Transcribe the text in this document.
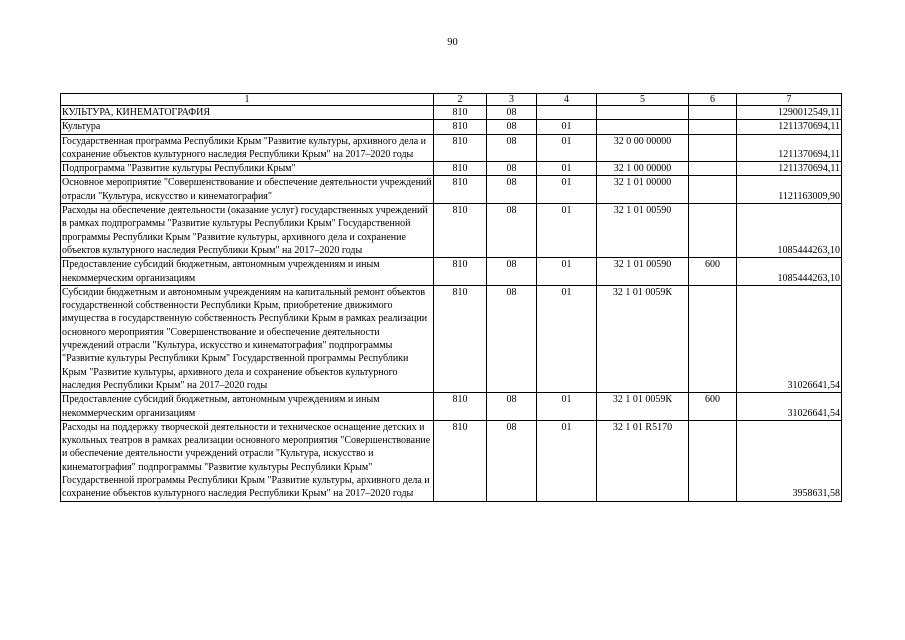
90
1	2	3	4	5	6	7
КУЛЬТУРА, КИНЕМАТОГРАФИЯ	810	08				1290012549,11
Культура	810	08	01			1211370694,11
Государственная программа Республики Крым "Развитие культуры, архивного дела и сохранение объектов культурного наследия Республики Крым" на 2017–2020 годы	810	08	01	32 0 00 00000		1211370694,11
Подпрограмма "Развитие культуры Республики Крым"	810	08	01	32 1 00 00000		1211370694,11
Основное мероприятие "Совершенствование и обеспечение деятельности учреждений отрасли "Культура, искусство и кинематография"	810	08	01	32 1 01 00000		1121163009,90
Расходы на обеспечение деятельности (оказание услуг) государственных учреждений в рамках подпрограммы "Развитие культуры Республики Крым" Государственной программы Республики Крым "Развитие культуры, архивного дела и сохранение объектов культурного наследия Республики Крым" на 2017–2020 годы	810	08	01	32 1 01 00590		1085444263,10
Предоставление субсидий бюджетным, автономным учреждениям и иным некоммерческим организациям	810	08	01	32 1 01 00590	600	1085444263,10
Субсидии бюджетным и автономным учреждениям на капитальный ремонт объектов государственной собственности Республики Крым, приобретение движимого имущества в государственную собственность Республики Крым в рамках реализации основного мероприятия "Совершенствование и обеспечение деятельности учреждений отрасли "Культура, искусство и кинематография" подпрограммы "Развитие культуры Республики Крым" Государственной программы Республики Крым "Развитие культуры, архивного дела и сохранение объектов культурного наследия Республики Крым" на 2017–2020 годы	810	08	01	32 1 01 0059К		31026641,54
Предоставление субсидий бюджетным, автономным учреждениям и иным некоммерческим организациям	810	08	01	32 1 01 0059К	600	31026641,54
Расходы на поддержку творческой деятельности и техническое оснащение детских и кукольных театров в рамках реализации основного мероприятия "Совершенствование и обеспечение деятельности учреждений отрасли "Культура, искусство и кинематография" подпрограммы "Развитие культуры Республики Крым" Государственной программы Республики Крым "Развитие культуры, архивного дела и сохранение объектов культурного наследия Республики Крым" на 2017–2020 годы	810	08	01	32 1 01 R5170		3958631,58
